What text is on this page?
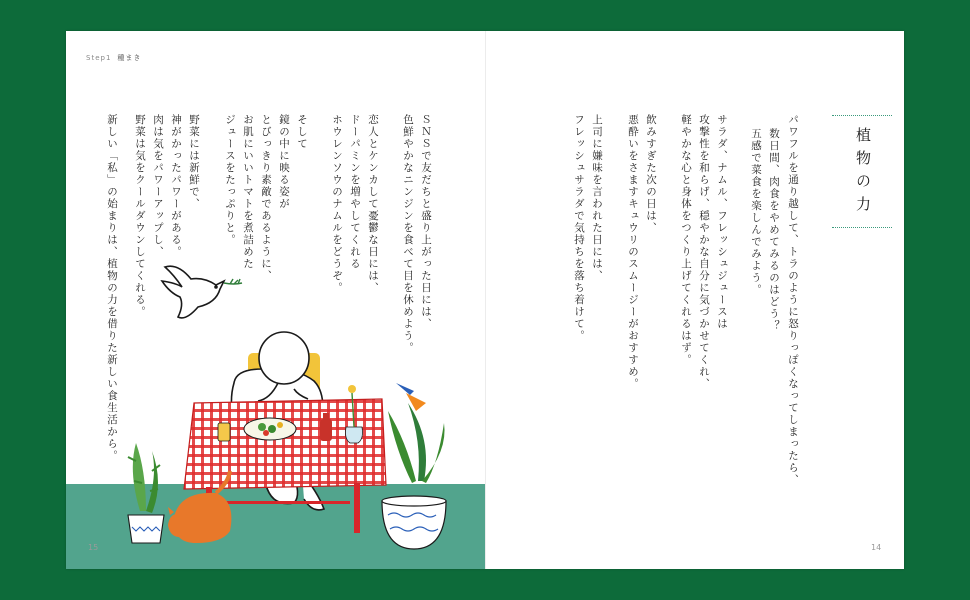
Step1 種まき
植物の力
パワフルを通り越して、トラのように怒りっぽくなってしまったら、
数日間、肉食をやめてみるのはどう？
五感で菜食を楽しんでみよう。
サラダ、ナムル、フレッシュジュースは
攻撃性を和らげ、穏やかな自分に気づかせてくれ、
軽やかな心と身体をつくり上げてくれるはず。
飲みすぎた次の日は、
悪酔いをさますキュウリのスムージーがおすすめ。
上司に嫌味を言われた日には、
フレッシュサラダで気持ちを落ち着けて。
ＳＮＳで友だちと盛り上がった日には、
色鮮やかなニンジンを食べて目を休めよう。
恋人とケンカして憂鬱な日には、
ドーパミンを増やしてくれる
ホウレンソウのナムルをどうぞ。
そして
鏡の中に映る姿が
とびっきり素敵であるように、
お肌にいいトマトを煮詰めた
ジュースをたっぷりと。
野菜には新鮮で、
神がかったパワーがある。
肉は気をパワーアップし、
野菜は気をクールダウンしてくれる。
新しい「私」の始まりは、植物の力を借りた新しい食生活から。
15	14
